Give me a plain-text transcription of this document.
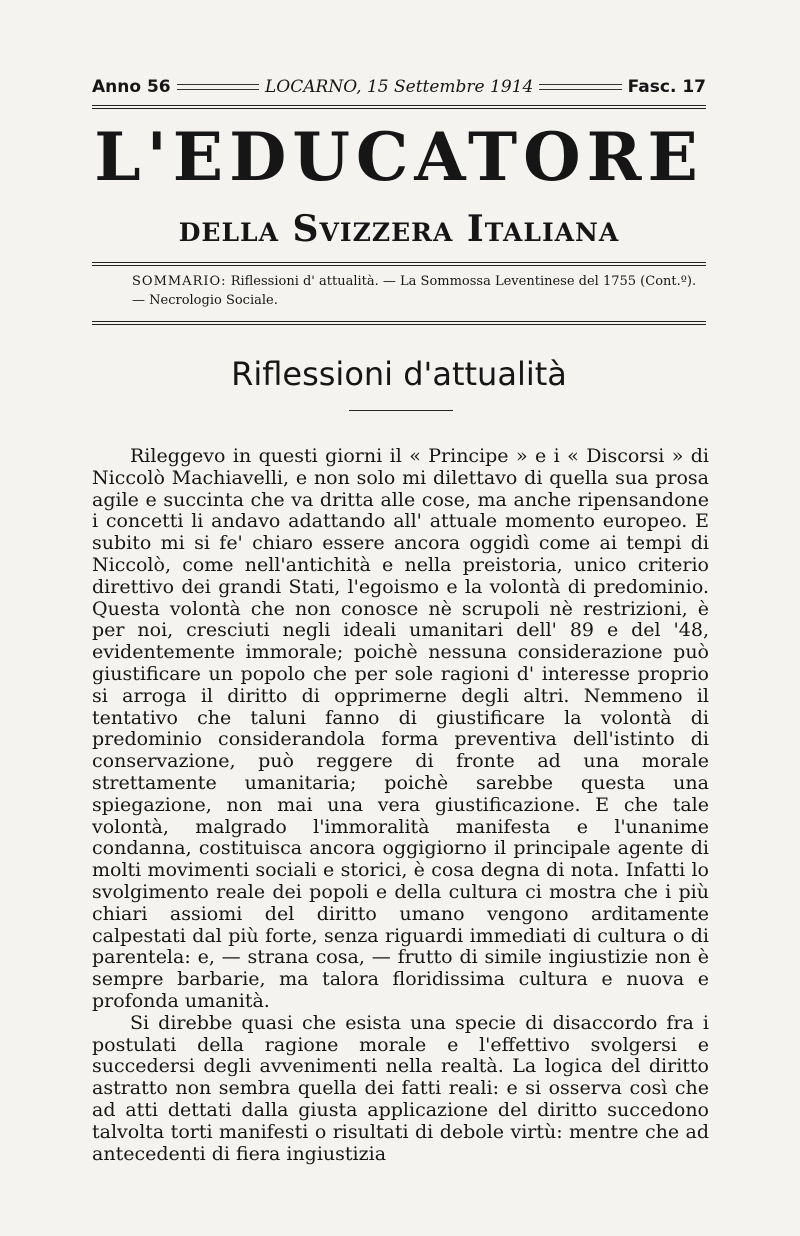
Anno 56	LOCARNO, 15 Settembre 1914	Fasc. 17
L'EDUCATORE
della Svizzera Italiana
SOMMARIO: Riflessioni d' attualità. — La Sommossa Leventinese del 1755 (Cont.º). — Necrologio Sociale.
Riflessioni d'attualità

Rileggevo in questi giorni il « Principe » e i « Discorsi » di Niccolò Machiavelli, e non solo mi dilettavo di quella sua prosa agile e succinta che va dritta alle cose, ma anche ripensandone i concetti li andavo adattando all' attuale momento europeo. E subito mi si fe' chiaro essere ancora oggidì come ai tempi di Niccolò, come nell'antichità e nella preistoria, unico criterio direttivo dei grandi Stati, l'egoismo e la volontà di predominio. Questa volontà che non conosce nè scrupoli nè restrizioni, è per noi, cresciuti negli ideali umanitari dell' 89 e del '48, evidentemente immorale; poichè nessuna considerazione può giustificare un popolo che per sole ragioni d' interesse proprio si arroga il diritto di opprimerne degli altri. Nemmeno il tentativo che taluni fanno di giustificare la volontà di predominio considerandola forma preventiva dell'istinto di conservazione, può reggere di fronte ad una morale strettamente umanitaria; poichè sarebbe questa una spiegazione, non mai una vera giustificazione. E che tale volontà, malgrado l'immoralità manifesta e l'unanime condanna, costituisca ancora oggigiorno il principale agente di molti movimenti sociali e storici, è cosa degna di nota. Infatti lo svolgimento reale dei popoli e della cultura ci mostra che i più chiari assiomi del diritto umano vengono arditamente calpestati dal più forte, senza riguardi immediati di cultura o di parentela: e, — strana cosa, — frutto di simile ingiustizie non è sempre barbarie, ma talora floridissima cultura e nuova e profonda umanità.

Si direbbe quasi che esista una specie di disaccordo fra i postulati della ragione morale e l'effettivo svolgersi e succedersi degli avvenimenti nella realtà. La logica del diritto astratto non sembra quella dei fatti reali: e si osserva così che ad atti dettati dalla giusta applicazione del diritto succedono talvolta torti manifesti o risultati di debole virtù: mentre che ad antecedenti di fiera ingiustizia
